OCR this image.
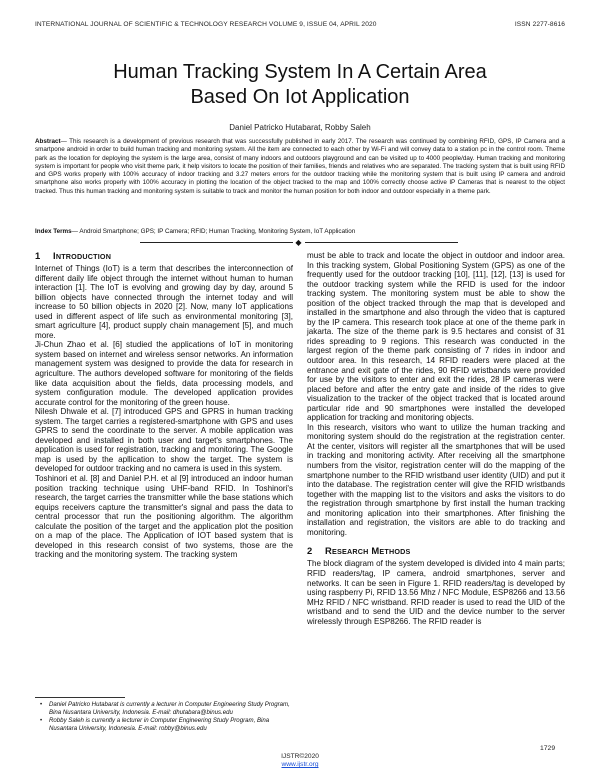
INTERNATIONAL JOURNAL OF SCIENTIFIC & TECHNOLOGY RESEARCH VOLUME 9, ISSUE 04, APRIL 2020	ISSN 2277-8616
Human Tracking System In A Certain Area
Based On Iot Application
Daniel Patricko Hutabarat, Robby Saleh

Abstract— This research is a development of previous research that was successfully published in early 2017. The research was continued by combining RFID, GPS, IP Camera and a smartpone android in order to build human tracking and monitoring system. All the item are connected to each other by Wi-Fi and will convey data to a station pc in the control room. Theme park as the location for deploying the system is the large area, consist of many indoors and outdoors playground and can be visited up to 4000 people/day. Human tracking and monitoring system is important for people who visit theme park, it help visitors to locate the position of their families, friends and relatives who are separated. The tracking system that is built using RFID and GPS works properly with 100% accuracy of indoor tracking and 3.27 meters errors for the outdoor tracking while the monitoring system that is built using IP camera and android smartphone also works properly with 100% accuracy in plotting the location of the object tracked to the map and 100% correctly choose active IP Cameras that is nearest to the object tracked. Thus this human tracking and monitoring system is suitable to track and monitor the human position for both indoor and outdoor especially in a theme park.

Index Terms— Android Smartphone; GPS; IP Camera; RFID; Human Tracking, Monitoring System, IoT Application

◆
1 INTRODUCTION

Internet of Things (IoT) is a term that describes the interconnection of different daily life object through the internet without human to human interaction [1]. The IoT is evolving and growing day by day, around 5 billion objects have connected through the internet today and will increase to 50 billion objects in 2020 [2]. Now, many IoT applications used in different aspect of life such as environmental monitoring [3], smart agriculture [4], product supply chain management [5], and much more.

Ji-Chun Zhao et al. [6] studied the applications of IoT in monitoring system based on internet and wireless sensor networks. An information management system was designed to provide the data for research in agriculture. The authors developed software for monitoring of the fields like data acquisition about the fields, data processing models, and system configuration module. The developed application provides accurate control for the monitoring of the green house.

Nilesh Dhwale et al. [7] introduced GPS and GPRS in human tracking system. The target carries a registered-smartphone with GPS and uses GPRS to send the coordinate to the server. A mobile application was developed and installed in both user and target's smartphones. The application is used for registration, tracking and monitoring. The Google map is used by the apllication to show the target. The system is developed for outdoor tracking and no camera is used in this system.

Toshinori et al. [8] and Daniel P.H. et al [9] introduced an indoor human position tracking technique using UHF-band RFID. In Toshinori's research, the target carries the transmitter while the base stations which equips receivers capture the transmitter's signal and pass the data to central processor that run the positioning algorithm. The algorithm calculate the position of the target and the application plot the position on a map of the place. The Application of IOT based system that is developed in this research consist of two systems, those are the tracking and the monitoring system. The tracking system

must be able to track and locate the object in outdoor and indoor area. In this tracking system, Global Positioning System (GPS) as one of the frequently used for the outdoor tracking [10], [11], [12], [13] is used for the outdoor tracking system while the RFID is used for the indoor tracking system. The monitoring system must be able to show the position of the object tracked through the map that is developed and installed in the smartphone and also through the video that is captured by the IP camera. This research took place at one of the theme park in jakarta. The size of the theme park is 9.5 hectares and consist of 31 rides spreading to 9 regions. This research was conducted in the largest region of the theme park consisting of 7 rides in indoor and outdoor area. In this research, 14 RFID readers were placed at the entrance and exit gate of the rides, 90 RFID wristbands were provided for use by the visitors to enter and exit the rides, 28 IP cameras were placed before and after the entry gate and inside of the rides to give visualization to the tracker of the object tracked that is located around particular ride and 90 smartphones were installed the developed application for tracking and monitoring objects.

In this research, visitors who want to utilize the human tracking and monitoring system should do the registration at the registration center. At the center, visitors will register all the smartphones that will be used in tracking and monitoring activity. After receiving all the smartphone numbers from the visitor, registration center will do the mapping of the smartphone number to the RFID wristband user identity (UID) and put it into the database. The registration center will give the RFID wristbands together with the mapping list to the visitors and asks the visitors to do the registration through smartphone by first install the human tracking and monitoring aplication into their smartphones. After finishing the installation and registration, the visitors are able to do tracking and monitoring.

2 RESEARCH METHODS

The block diagram of the system developed is divided into 4 main parts; RFID readers/tag, IP camera, android smartphones, server and networks. It can be seen in Figure 1. RFID readers/tag is developed by using raspberry Pi, RFID 13.56 Mhz / NFC Module, ESP8266 and 13.56 MHz RFID / NFC wristband. RFID reader is used to read the UID of the wristband and to send the UID and the device number to the server wirelessly through ESP8266. The RFID reader is

• Daniel Patricko Hutabarat is currently a lecturer in Computer Engineering Study Program, Bina Nusantara University, Indonesia. E-mail: dhutabara@binus.edu
• Robby Saleh is currently a lecturer in Computer Engineering Study Program, Bina Nusantara University, Indonesia. E-mail: robby@binus.edu
1729
IJSTR©2020
www.ijstr.org
